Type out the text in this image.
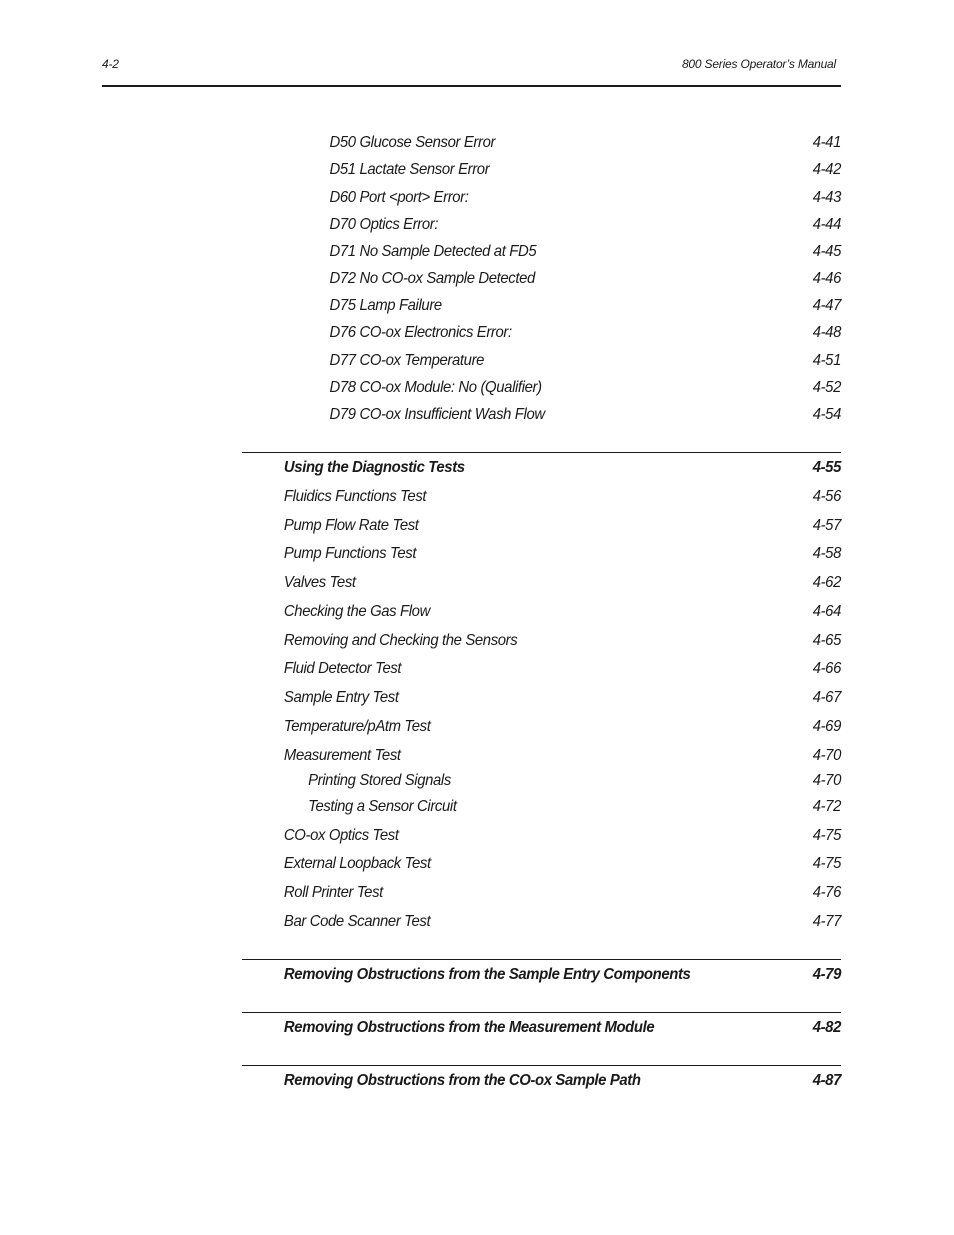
4-2	800 Series Operator’s Manual
D50 Glucose Sensor Error	4-41
D51 Lactate Sensor Error	4-42
D60 Port <port> Error:	4-43
D70 Optics Error:	4-44
D71 No Sample Detected at FD5	4-45
D72 No CO-ox Sample Detected	4-46
D75 Lamp Failure	4-47
D76 CO-ox Electronics Error:	4-48
D77 CO-ox Temperature	4-51
D78 CO-ox Module: No (Qualifier)	4-52
D79 CO-ox Insufficient Wash Flow	4-54
Using the Diagnostic Tests	4-55
Fluidics Functions Test	4-56
Pump Flow Rate Test	4-57
Pump Functions Test	4-58
Valves Test	4-62
Checking the Gas Flow	4-64
Removing and Checking the Sensors	4-65
Fluid Detector Test	4-66
Sample Entry Test	4-67
Temperature/pAtm Test	4-69
Measurement Test	4-70
Printing Stored Signals	4-70
Testing a Sensor Circuit	4-72
CO-ox Optics Test	4-75
External Loopback Test	4-75
Roll Printer Test	4-76
Bar Code Scanner Test	4-77
Removing Obstructions from the Sample Entry Components	4-79
Removing Obstructions from the Measurement Module	4-82
Removing Obstructions from the CO-ox Sample Path	4-87
